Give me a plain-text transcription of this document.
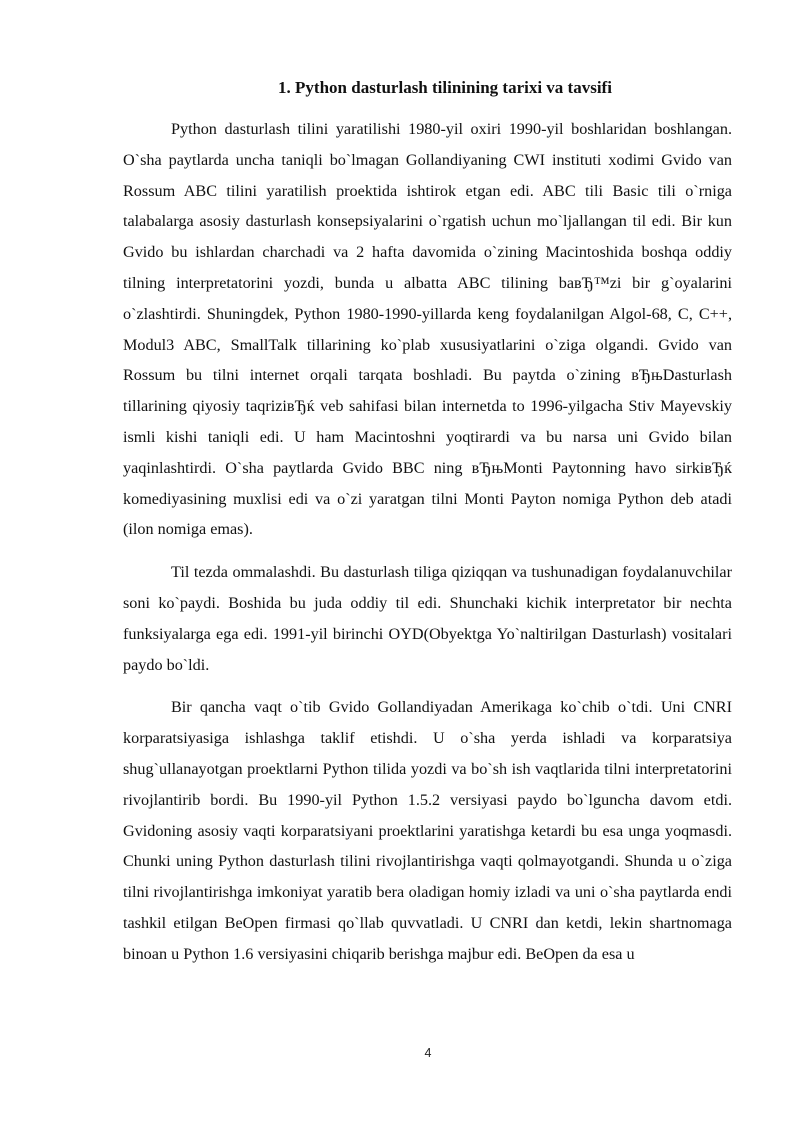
1. Python dasturlash tilinining tarixi va tavsifi

Python dasturlash tilini yaratilishi 1980-yil oxiri 1990-yil boshlaridan boshlangan. O`sha paytlarda uncha taniqli bo`lmagan Gollandiyaning CWI instituti xodimi Gvido van Rossum ABC tilini yaratilish proektida ishtirok etgan edi. ABC tili Basic tili o`rniga talabalarga asosiy dasturlash konsepsiyalarini o`rgatish uchun mo`ljallangan til edi. Bir kun Gvido bu ishlardan charchadi va 2 hafta davomida o`zining Macintoshida boshqa oddiy tilning interpretatorini yozdi, bunda u albatta ABC tilining baвЂ™zi bir g`oyalarini o`zlashtirdi. Shuningdek, Python 1980-1990-yillarda keng foydalanilgan Algol-68, C, C++, Modul3 ABC, SmallTalk tillarining ko`plab xususiyatlarini o`ziga olgandi. Gvido van Rossum bu tilni internet orqali tarqata boshladi. Bu paytda o`zining вЂњDasturlash tillarining qiyosiy taqriziвЂќ veb sahifasi bilan internetda to 1996-yilgacha Stiv Mayevskiy ismli kishi taniqli edi. U ham Macintoshni yoqtirardi va bu narsa uni Gvido bilan yaqinlashtirdi. O`sha paytlarda Gvido BBC ning вЂњMonti Paytonning havo sirkiвЂќ komediyasining muxlisi edi va o`zi yaratgan tilni Monti Payton nomiga Python deb atadi (ilon nomiga emas).

Til tezda ommalashdi. Bu dasturlash tiliga qiziqqan va tushunadigan foydalanuvchilar soni ko`paydi. Boshida bu juda oddiy til edi. Shunchaki kichik interpretator bir nechta funksiyalarga ega edi. 1991-yil birinchi OYD(Obyektga Yo`naltirilgan Dasturlash) vositalari paydo bo`ldi.

Bir qancha vaqt o`tib Gvido Gollandiyadan Amerikaga ko`chib o`tdi. Uni CNRI korparatsiyasiga ishlashga taklif etishdi. U o`sha yerda ishladi va korparatsiya shug`ullanayotgan proektlarni Python tilida yozdi va bo`sh ish vaqtlarida tilni interpretatorini rivojlantirib bordi. Bu 1990-yil Python 1.5.2 versiyasi paydo bo`lguncha davom etdi. Gvidoning asosiy vaqti korparatsiyani proektlarini yaratishga ketardi bu esa unga yoqmasdi. Chunki uning Python dasturlash tilini rivojlantirishga vaqti qolmayotgandi. Shunda u o`ziga tilni rivojlantirishga imkoniyat yaratib bera oladigan homiy izladi va uni o`sha paytlarda endi tashkil etilgan BeOpen firmasi qo`llab quvvatladi. U CNRI dan ketdi, lekin shartnomaga binoan u Python 1.6 versiyasini chiqarib berishga majbur edi. BeOpen da esa u

4
